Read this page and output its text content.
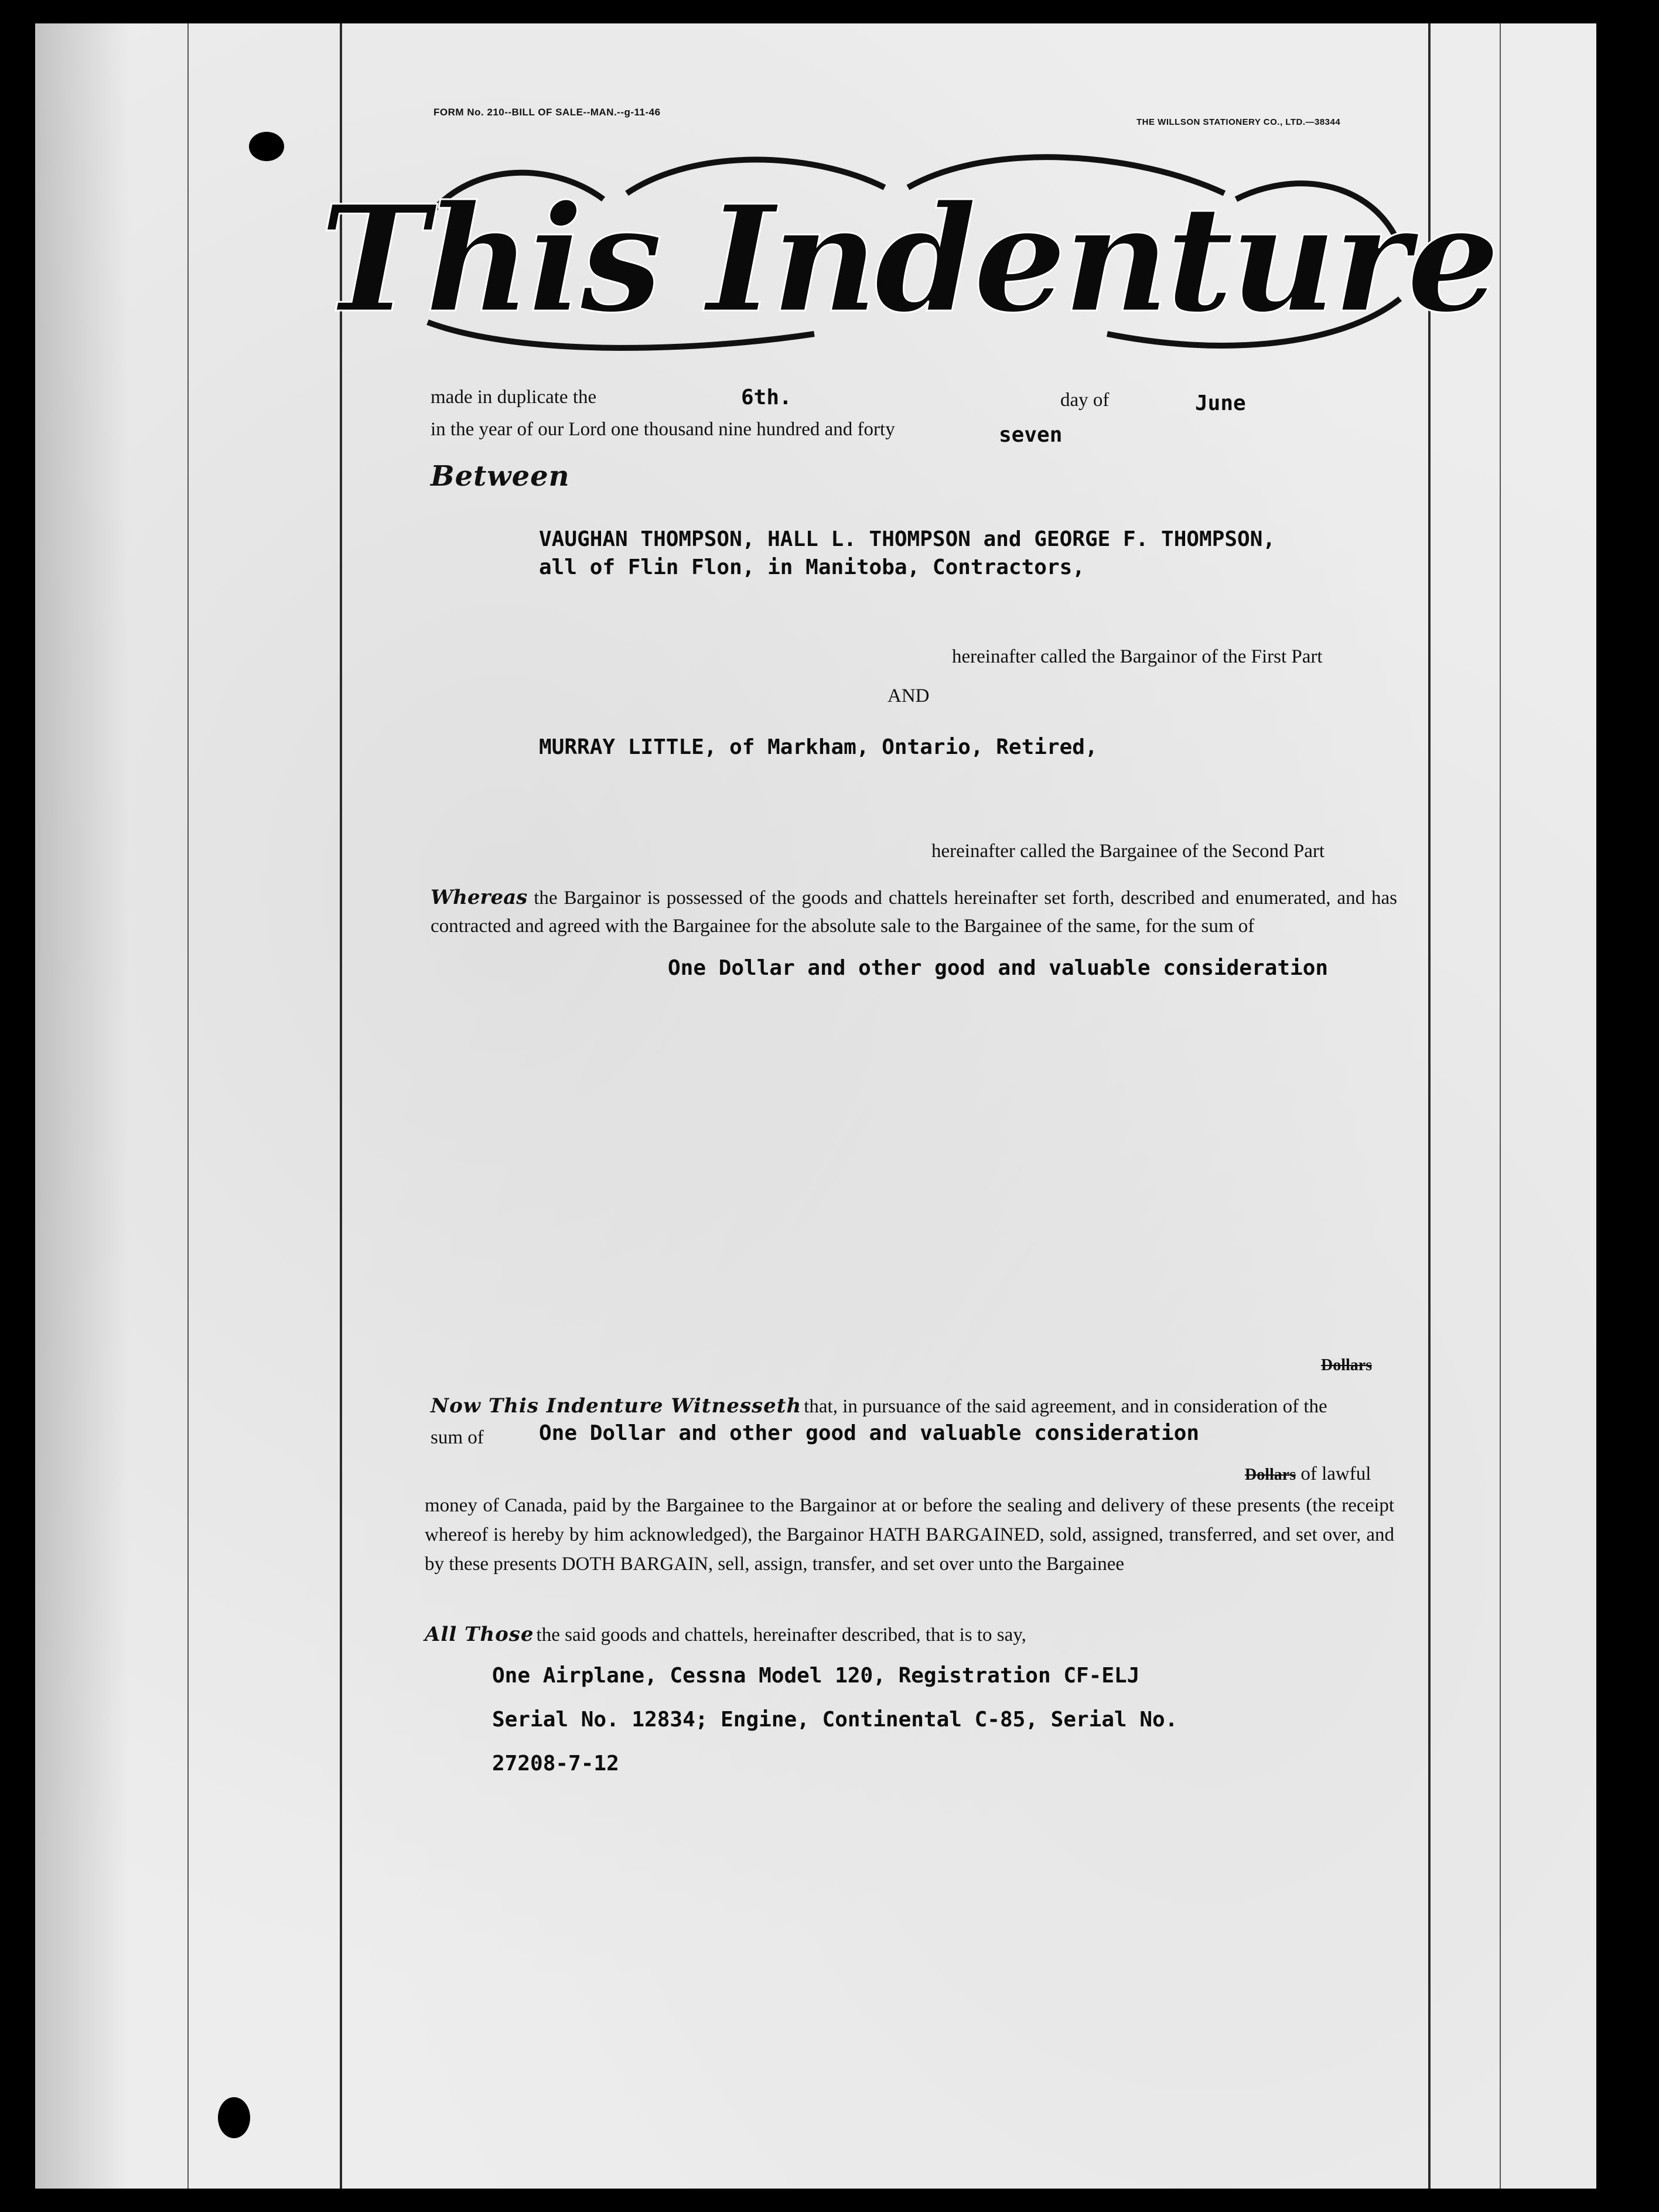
FORM No. 210--BILL OF SALE--MAN.--g-11-46
THE WILLSON STATIONERY CO., LTD.—38344
This Indenture
made in duplicate the	6th.	day of	June
in the year of our Lord one thousand nine hundred and forty	seven
Between
VAUGHAN THOMPSON, HALL L. THOMPSON and GEORGE F. THOMPSON,
all of Flin Flon, in Manitoba, Contractors,
hereinafter called the Bargainor of the First Part
AND
MURRAY LITTLE, of Markham, Ontario, Retired,
hereinafter called the Bargainee of the Second Part
Whereas the Bargainor is possessed of the goods and chattels hereinafter set forth, described and enumerated, and has contracted and agreed with the Bargainee for the absolute sale to the Bargainee of the same, for the sum of
One Dollar and other good and valuable consideration
Dollars
Now This Indenture Witnesseth that, in pursuance of the said agreement, and in consideration of the
sum of	One Dollar and other good and valuable consideration
Dollars of lawful
money of Canada, paid by the Bargainee to the Bargainor at or before the sealing and delivery of these presents (the receipt whereof is hereby by him acknowledged), the Bargainor HATH BARGAINED, sold, assigned, transferred, and set over, and by these presents DOTH BARGAIN, sell, assign, transfer, and set over unto the Bargainee
All Those the said goods and chattels, hereinafter described, that is to say,
One Airplane, Cessna Model 120, Registration CF-ELJ
Serial No. 12834; Engine, Continental C-85, Serial No.
27208-7-12
